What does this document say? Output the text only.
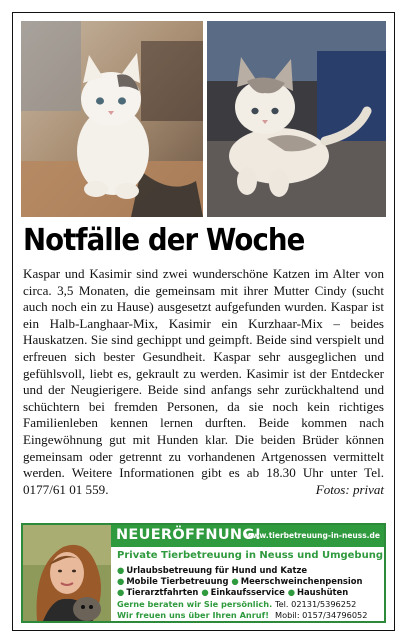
Notfälle der Woche
Kaspar und Kasimir sind zwei wunderschöne Katzen im Alter von circa. 3,5 Monaten, die gemeinsam mit ihrer Mutter Cindy (sucht auch noch ein zu Hause) ausgesetzt aufgefunden wurden. Kaspar ist ein Halb-Langhaar-Mix, Kasimir ein Kurzhaar-Mix – beides Hauskatzen. Sie sind gechippt und geimpft. Beide sind verspielt und erfreuen sich bester Gesundheit. Kaspar sehr ausgeglichen und gefühlsvoll, liebt es, gekrault zu werden. Kasimir ist der Entdecker und der Neugierigere. Beide sind anfangs sehr zurückhaltend und schüchtern bei fremden Personen, da sie noch kein richtiges Familienleben kennen lernen durften. Beide kommen nach Eingewöhnung gut mit Hunden klar. Die beiden Brüder können gemeinsam oder getrennt zu vorhandenen Artgenossen vermittelt werden. Weitere Informationen gibt es ab 18.30 Uhr unter Tel. 0177/61 01 559.	Fotos: privat
NEUERÖFFNUNG!
www.tierbetreuung-in-neuss.de
Private Tierbetreuung in Neuss und Umgebung
● Urlaubsbetreuung für Hund und Katze
● Mobile Tierbetreuung ● Meerschweinchenpension
● Tierarztfahrten ● Einkaufsservice ● Haushüten
Gerne beraten wir Sie persönlich.
Wir freuen uns über Ihren Anruf!
Tel. 02131/5396252
Mobil: 0157/34796052
